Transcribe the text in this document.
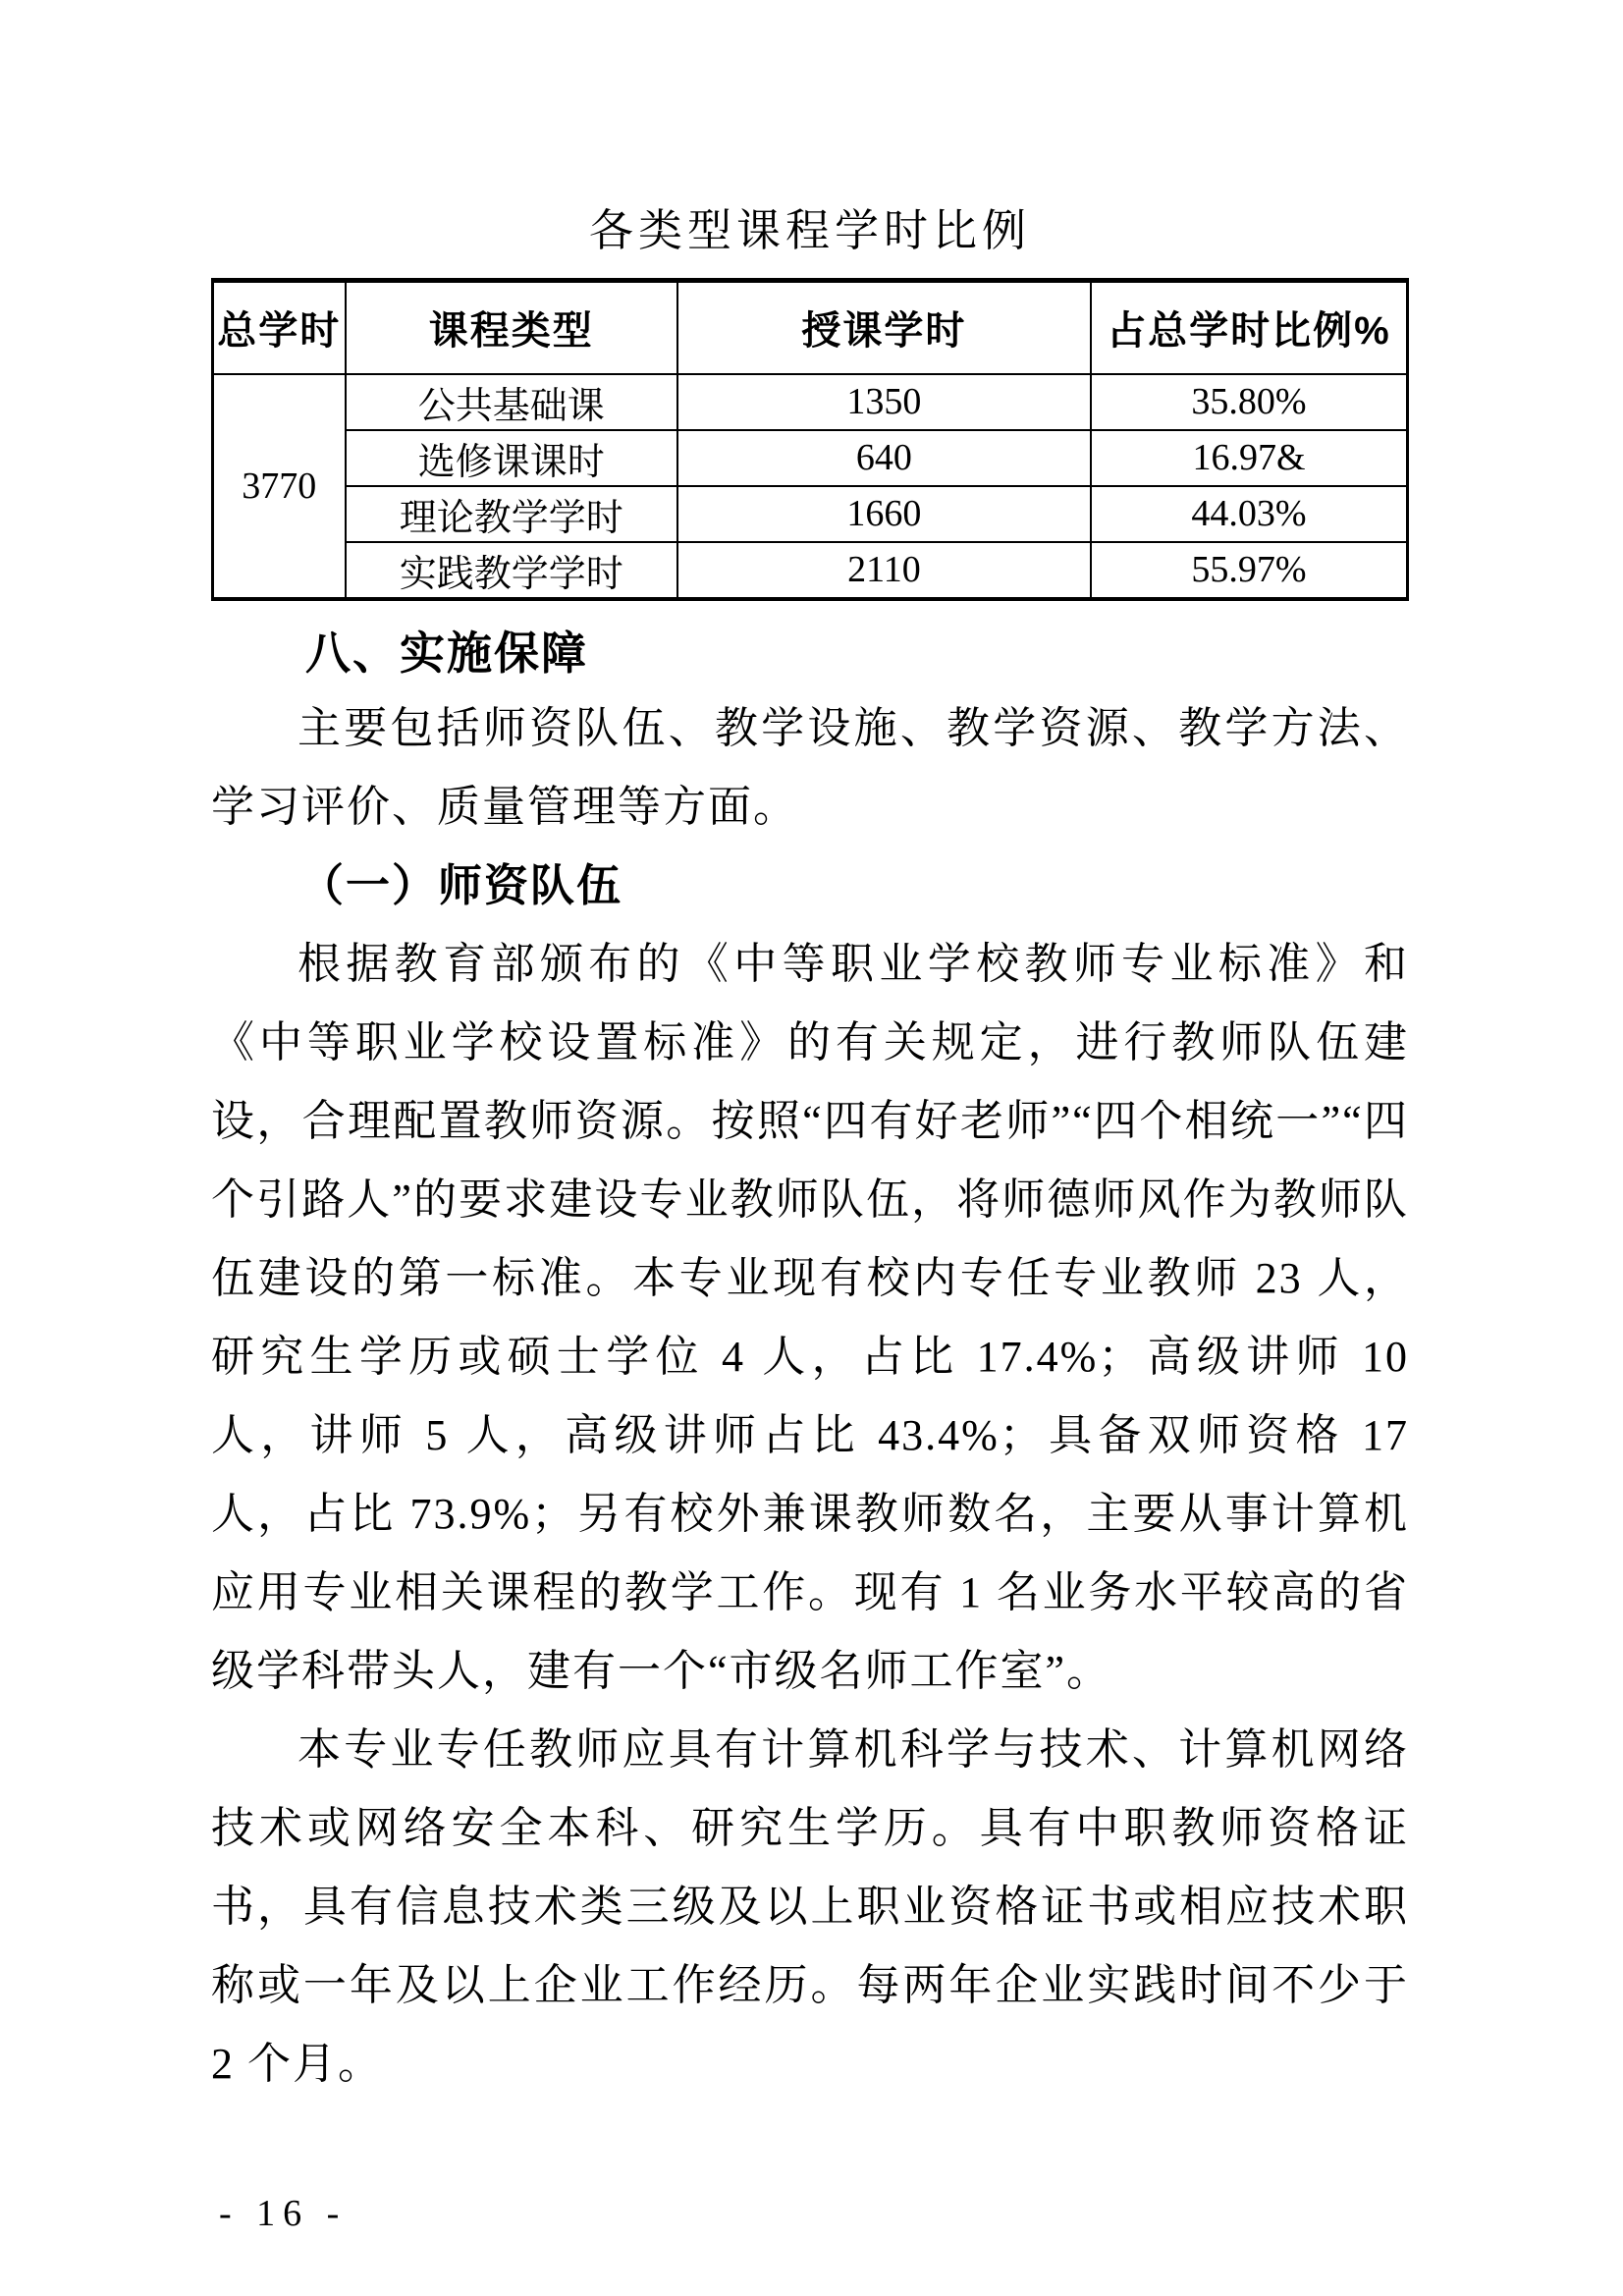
各类型课程学时比例
总学时	课程类型	授课学时	占总学时比例%
3770	公共基础课	1350	35.80%
	选修课课时	640	16.97&
	理论教学学时	1660	44.03%
	实践教学学时	2110	55.97%
八、实施保障

主要包括师资队伍、教学设施、教学资源、教学方法、学习评价、质量管理等方面。

（一）师资队伍

根据教育部颁布的《中等职业学校教师专业标准》和《中等职业学校设置标准》的有关规定，进行教师队伍建设，合理配置教师资源。按照“四有好老师”“四个相统一”“四个引路人”的要求建设专业教师队伍，将师德师风作为教师队伍建设的第一标准。本专业现有校内专任专业教师 23 人，研究生学历或硕士学位 4 人，占比 17.4%；高级讲师 10 人，讲师 5 人，高级讲师占比 43.4%；具备双师资格 17 人，占比 73.9%；另有校外兼课教师数名，主要从事计算机应用专业相关课程的教学工作。现有 1 名业务水平较高的省级学科带头人，建有一个“市级名师工作室”。

本专业专任教师应具有计算机科学与技术、计算机网络技术或网络安全本科、研究生学历。具有中职教师资格证书，具有信息技术类三级及以上职业资格证书或相应技术职称或一年及以上企业工作经历。每两年企业实践时间不少于 2 个月。

- 16 -
